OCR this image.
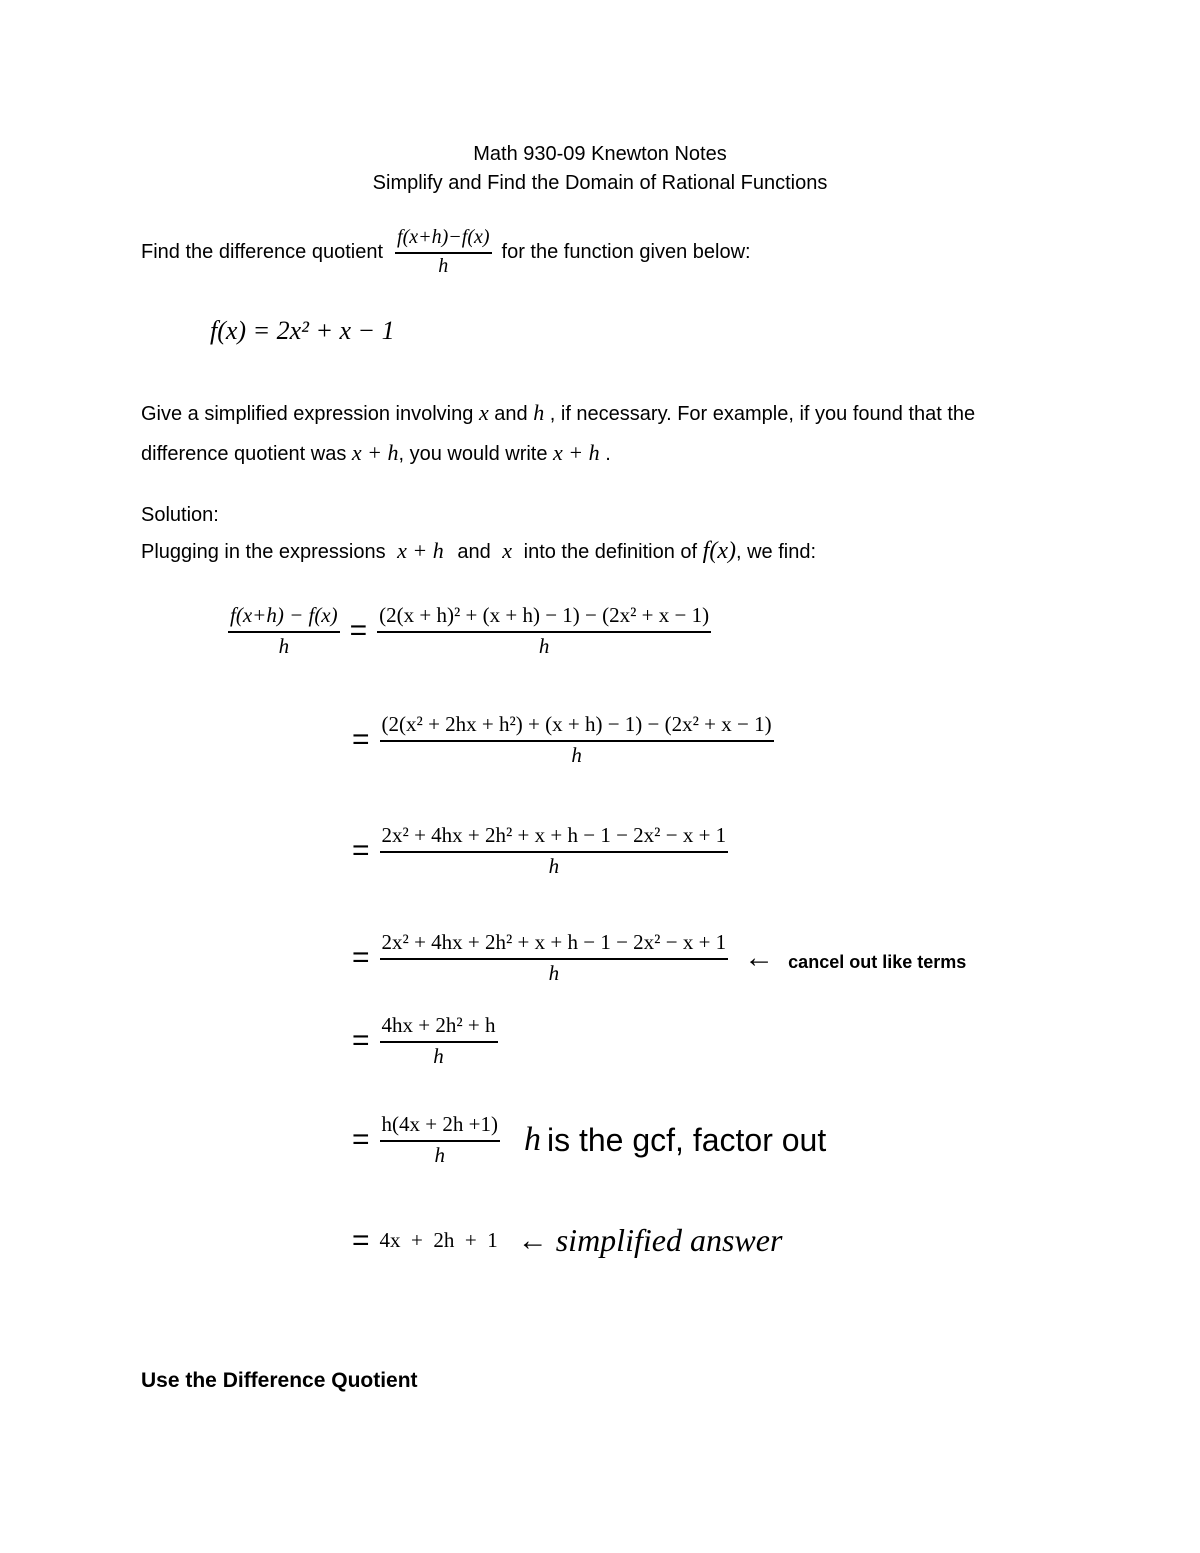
Math 930-09 Knewton Notes
Simplify and Find the Domain of Rational Functions
Find the difference quotient $\frac{f(x+h)-f(x)}{h}$ for the function given below:
f(x) = 2x² + x − 1
Give a simplified expression involving x and h , if necessary. For example, if you found that the
difference quotient was x + h, you would write x + h .
Solution:
Plugging in the expressions x + h and x into the definition of f(x), we find:
$\frac{f(x+h) - f(x)}{h} = \frac{\text{(2(x + h)² + (x + h) − 1) − (2x² + x − 1)}}{h}$
= $\frac{\text{(2(x² + 2hx + h²) + (x + h) − 1) − (2x² + x − 1)}}{h}$
= $\frac{\text{2x² + 4hx + 2h² + x + h − 1 − 2x² − x + 1}}{h}$
= $\frac{\text{2x² + 4hx + 2h² + x + h − 1 − 2x² − x + 1}}{h}$ ← cancel out like terms
= $\frac{\text{4hx + 2h² + h}}{h}$
= $\frac{h(4x + 2h +1)}{h}$ h is the gcf, factor out
= 4x  +  2h  +  1 ← simplified answer
Use the Difference Quotient
